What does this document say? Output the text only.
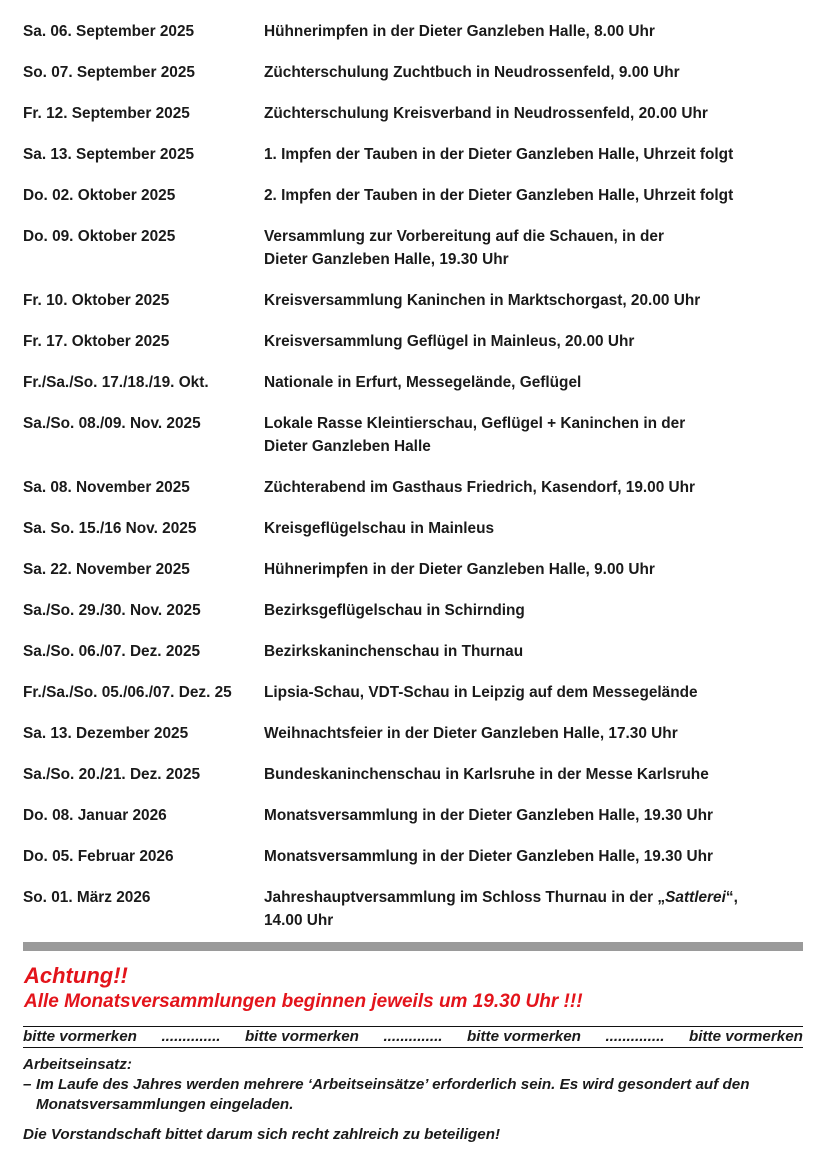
Sa. 06. September 2025	Hühnerimpfen in der Dieter Ganzleben Halle, 8.00 Uhr
So. 07. September 2025	Züchterschulung Zuchtbuch in Neudrossenfeld, 9.00 Uhr
Fr. 12. September 2025	Züchterschulung Kreisverband in Neudrossenfeld, 20.00 Uhr
Sa. 13. September 2025	1. Impfen der Tauben in der Dieter Ganzleben Halle, Uhrzeit folgt
Do. 02. Oktober 2025	2. Impfen der Tauben in der Dieter Ganzleben Halle, Uhrzeit folgt
Do. 09. Oktober 2025	Versammlung zur Vorbereitung auf die Schauen, in der
Dieter Ganzleben Halle, 19.30 Uhr
Fr. 10. Oktober 2025	Kreisversammlung Kaninchen in Marktschorgast, 20.00 Uhr
Fr. 17. Oktober 2025	Kreisversammlung Geflügel in Mainleus, 20.00 Uhr
Fr./Sa./So. 17./18./19. Okt.	Nationale in Erfurt, Messegelände, Geflügel
Sa./So. 08./09. Nov. 2025	Lokale Rasse Kleintierschau, Geflügel + Kaninchen in der
Dieter Ganzleben Halle
Sa. 08. November 2025	Züchterabend im Gasthaus Friedrich, Kasendorf, 19.00 Uhr
Sa. So. 15./16 Nov. 2025	Kreisgeflügelschau in Mainleus
Sa. 22. November 2025	Hühnerimpfen in der Dieter Ganzleben Halle, 9.00 Uhr
Sa./So. 29./30. Nov. 2025	Bezirksgeflügelschau in Schirnding
Sa./So. 06./07. Dez. 2025	Bezirkskaninchenschau in Thurnau
Fr./Sa./So. 05./06./07. Dez. 25	Lipsia-Schau, VDT-Schau in Leipzig auf dem Messegelände
Sa. 13. Dezember 2025	Weihnachtsfeier in der Dieter Ganzleben Halle, 17.30 Uhr
Sa./So. 20./21. Dez. 2025	Bundeskaninchenschau in Karlsruhe in der Messe Karlsruhe
Do. 08. Januar 2026	Monatsversammlung in der Dieter Ganzleben Halle, 19.30 Uhr
Do. 05. Februar 2026	Monatsversammlung in der Dieter Ganzleben Halle, 19.30 Uhr
So. 01. März 2026	Jahreshauptversammlung im Schloss Thurnau in der „Sattlerei“,
14.00 Uhr
Achtung!!
Alle Monatsversammlungen beginnen jeweils um 19.30 Uhr !!!
bitte vormerken .............. bitte vormerken .............. bitte vormerken .............. bitte vormerken
Arbeitseinsatz:
– Im Laufe des Jahres werden mehrere ‘Arbeitseinsätze’ erforderlich sein. Es wird gesondert auf den Monatsversammlungen eingeladen.
Die Vorstandschaft bittet darum sich recht zahlreich zu beteiligen!
